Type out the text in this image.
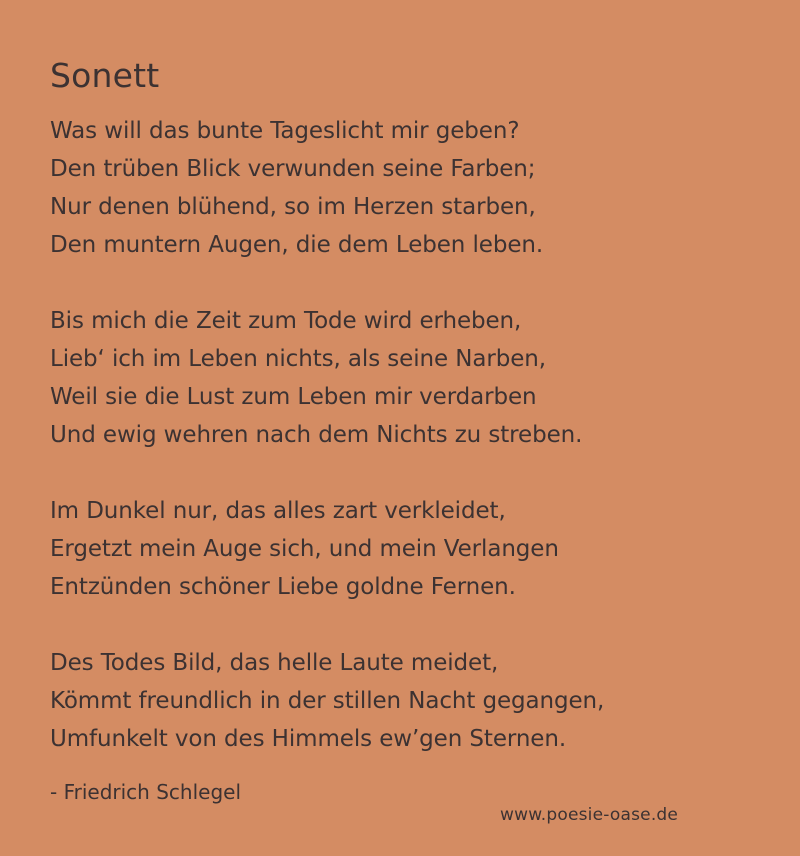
Sonett
Was will das bunte Tageslicht mir geben?
Den trüben Blick verwunden seine Farben;
Nur denen blühend, so im Herzen starben,
Den muntern Augen, die dem Leben leben.
Bis mich die Zeit zum Tode wird erheben,
Lieb‘ ich im Leben nichts, als seine Narben,
Weil sie die Lust zum Leben mir verdarben
Und ewig wehren nach dem Nichts zu streben.
Im Dunkel nur, das alles zart verkleidet,
Ergetzt mein Auge sich, und mein Verlangen
Entzünden schöner Liebe goldne Fernen.
Des Todes Bild, das helle Laute meidet,
Kömmt freundlich in der stillen Nacht gegangen,
Umfunkelt von des Himmels ew’gen Sternen.
- Friedrich Schlegel
www.poesie-oase.de
